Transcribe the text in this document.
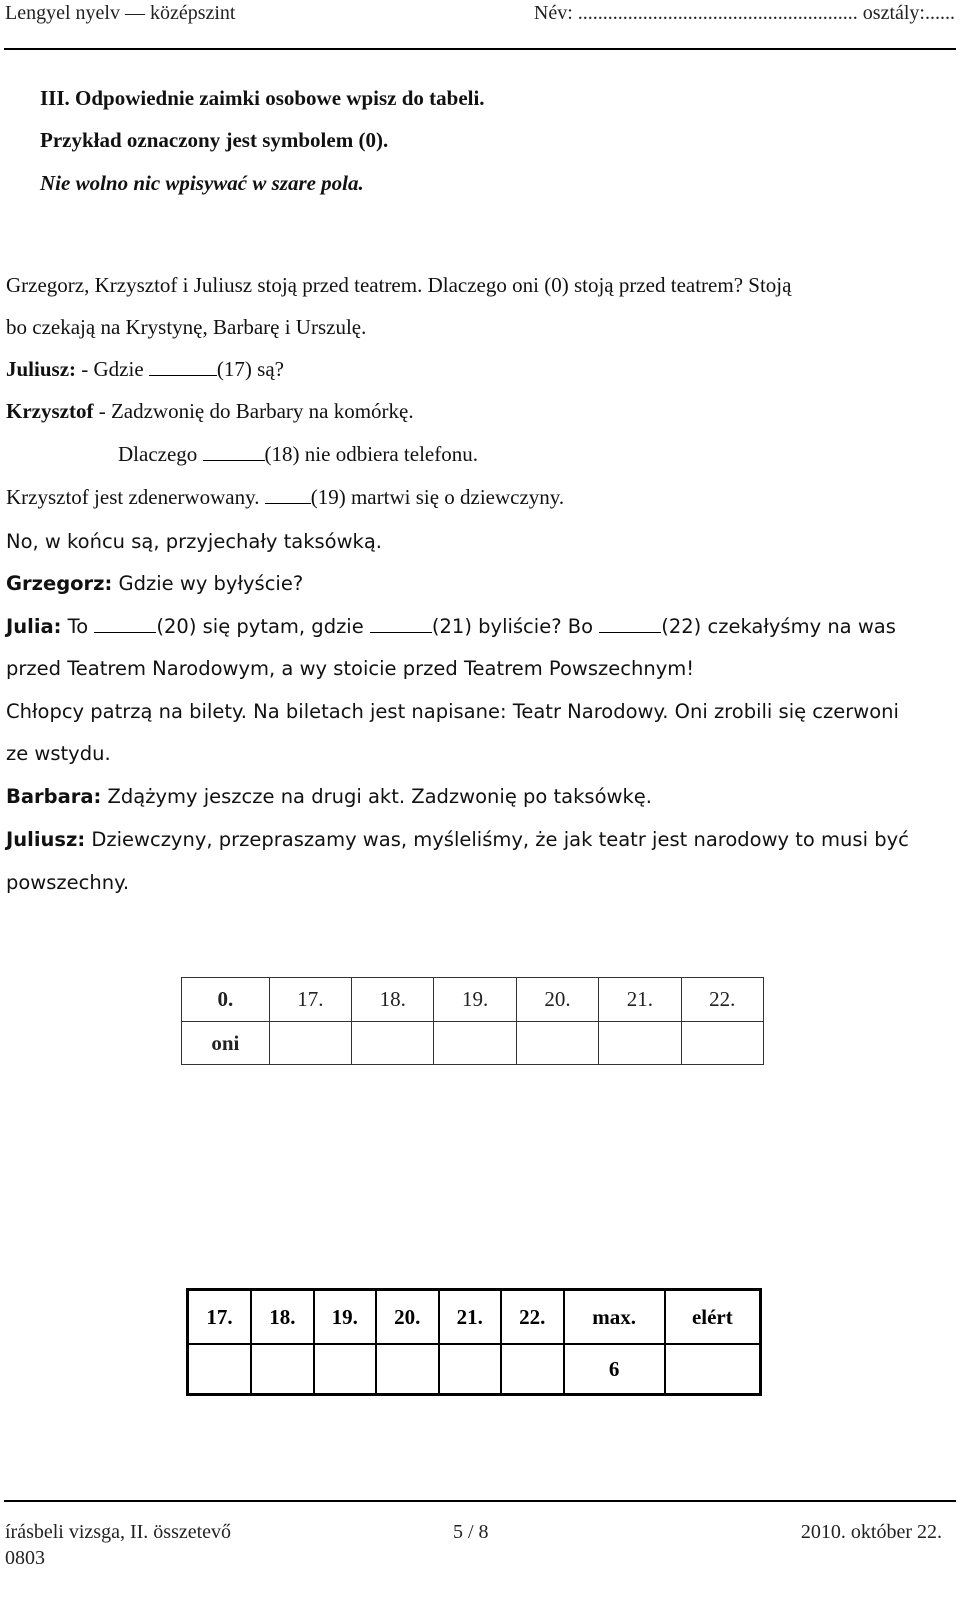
Lengyel nyelv — középszint	Név: ........................................................ osztály:......
III. Odpowiednie zaimki osobowe wpisz do tabeli.
Przykład oznaczony jest symbolem (0).
Nie wolno nic wpisywać w szare pola.
Grzegorz, Krzysztof i Juliusz stoją przed teatrem. Dlaczego oni (0) stoją przed teatrem? Stoją
bo czekają na Krystynę, Barbarę i Urszulę.
Juliusz: - Gdzie	(17) są?
Krzysztof - Zadzwonię do Barbary na komórkę.
Dlaczego	(18) nie odbiera telefonu.
Krzysztof jest zdenerwowany. (19) martwi się o dziewczyny.
No, w końcu są, przyjechały taksówką.
Grzegorz: Gdzie wy byłyście?
Julia: To	(20) się pytam, gdzie	(21) byliście? Bo	(22) czekałyśmy na was
przed Teatrem Narodowym, a wy stoicie przed Teatrem Powszechnym!
Chłopcy patrzą na bilety. Na biletach jest napisane: Teatr Narodowy. Oni zrobili się czerwoni
ze wstydu.
Barbara: Zdążymy jeszcze na drugi akt. Zadzwonię po taksówkę.
Juliusz: Dziewczyny, przepraszamy was, myśleliśmy, że jak teatr jest narodowy to musi być
powszechny.
0.	17.	18.	19.	20.	21.	22.
oni						
17.	18.	19.	20.	21.	22.	max.	elért
						6	
írásbeli vizsga, II. összetevő	5 / 8	2010. október 22.
0803
